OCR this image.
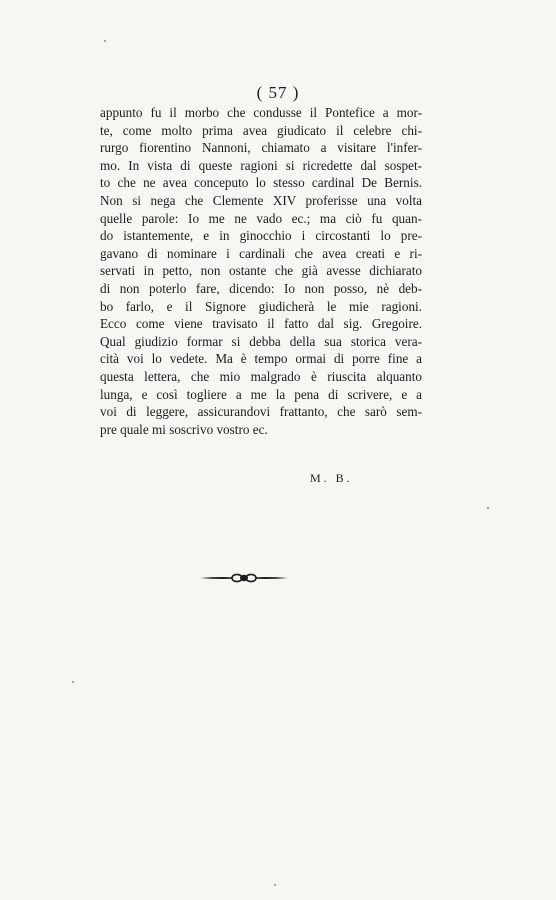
( 57 )
appunto fu il morbo che condusse il Pontefice a mor-
te, come molto prima avea giudicato il celebre chi-
rurgo fiorentino Nannoni, chiamato a visitare l'infer-
mo. In vista di queste ragioni si ricredette dal sospet-
to che ne avea conceputo lo stesso cardinal De Bernis.
Non si nega che Clemente XIV proferisse una volta
quelle parole: Io me ne vado ec.; ma ciò fu quan-
do istantemente, e in ginocchio i circostanti lo pre-
gavano di nominare i cardinali che avea creati e ri-
servati in petto, non ostante che già avesse dichiarato
di non poterlo fare, dicendo: Io non posso, nè deb-
bo farlo, e il Signore giudicherà le mie ragioni.
Ecco come viene travisato il fatto dal sig. Gregoire.
Qual giudizio formar si debba della sua storica vera-
cità voi lo vedete. Ma è tempo ormai di porre fine a
questa lettera, che mio malgrado è riuscita alquanto
lunga, e così togliere a me la pena di scrivere, e a
voi di leggere, assicurandovi frattanto, che sarò sem-
pre quale mi soscrivo vostro ec.
M. B.
